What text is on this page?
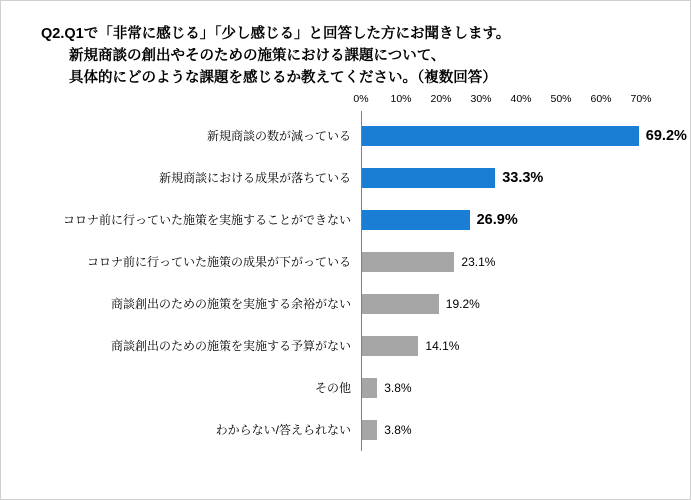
Q2.Q1で「非常に感じる」「少し感じる」と回答した方にお聞きします。
新規商談の創出やそのための施策における課題について、
具体的にどのような課題を感じるか教えてください。（複数回答）
0% 10% 20% 30% 40% 50% 60% 70%
新規商談の数が減っている	69.2%
新規商談における成果が落ちている	33.3%
コロナ前に行っていた施策を実施することができない	26.9%
コロナ前に行っていた施策の成果が下がっている	23.1%
商談創出のための施策を実施する余裕がない	19.2%
商談創出のための施策を実施する予算がない	14.1%
その他	3.8%
わからない/答えられない	3.8%
